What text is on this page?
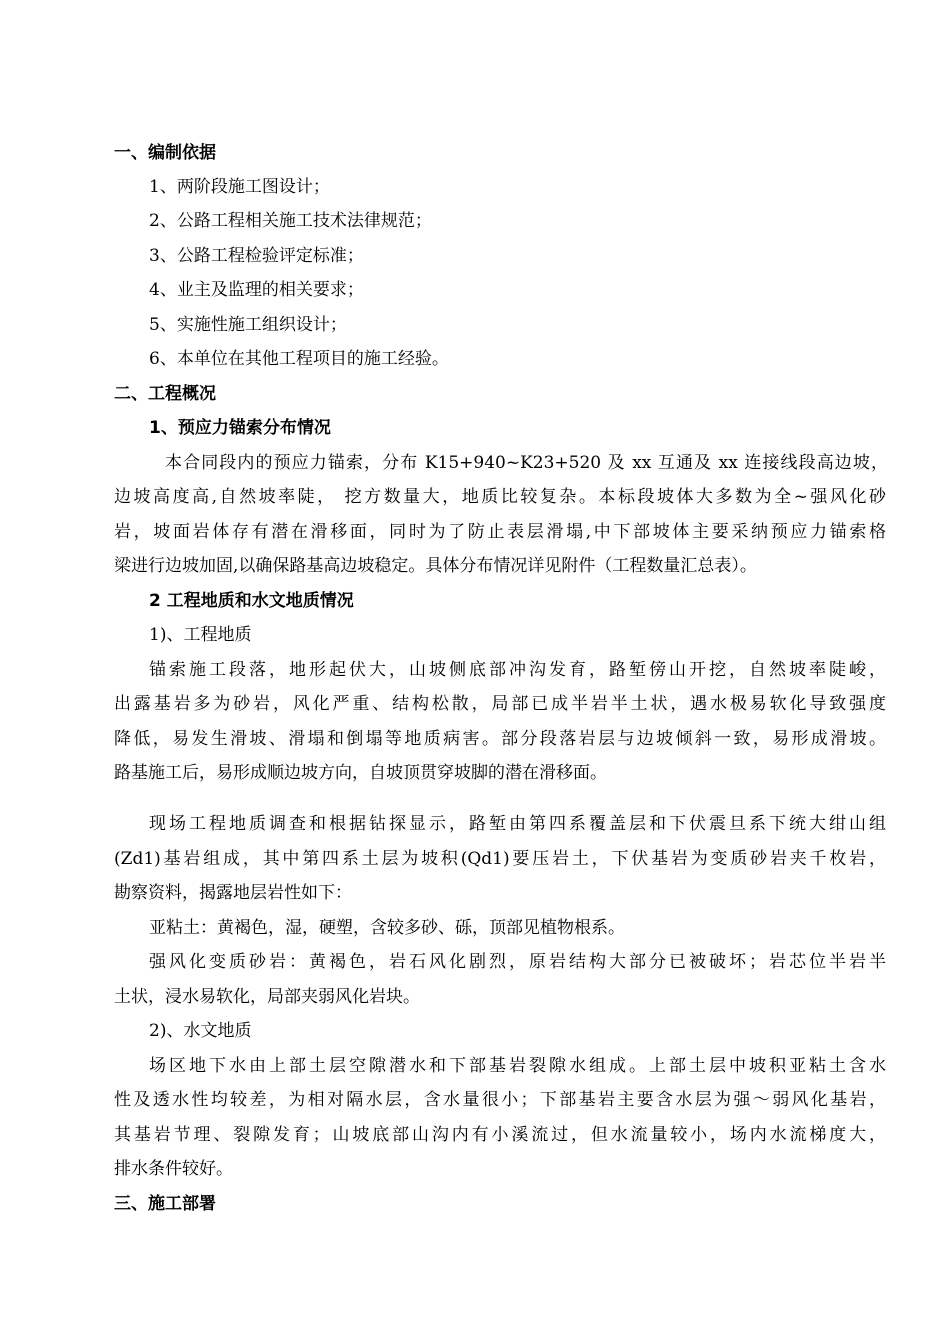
一、编制依据

1、两阶段施工图设计；

2、公路工程相关施工技术法律规范；

3、公路工程检验评定标准；

4、业主及监理的相关要求；

5、实施性施工组织设计；

6、本单位在其他工程项目的施工经验。

二、工程概况

1、预应力锚索分布情况

本合同段内的预应力锚索，分布 K15+940~K23+520 及 xx 互通及 xx 连接线段高边坡，

边坡高度高,自然坡率陡， 挖方数量大，地质比较复杂。本标段坡体大多数为全~强风化砂

岩，坡面岩体存有潜在滑移面，同时为了防止表层滑塌,中下部坡体主要采纳预应力锚索格

梁进行边坡加固,以确保路基高边坡稳定。具体分布情况详见附件（工程数量汇总表）。

2 工程地质和水文地质情况

1)、工程地质

锚索施工段落，地形起伏大，山坡侧底部冲沟发育，路堑傍山开挖，自然坡率陡峻，

出露基岩多为砂岩，风化严重、结构松散，局部已成半岩半土状，遇水极易软化导致强度

降低，易发生滑坡、滑塌和倒塌等地质病害。部分段落岩层与边坡倾斜一致，易形成滑坡。

路基施工后，易形成顺边坡方向，自坡顶贯穿坡脚的潜在滑移面。

现场工程地质调查和根据钻探显示，路堑由第四系覆盖层和下伏震旦系下统大绀山组

(Zd1)基岩组成，其中第四系土层为坡积(Qd1)要压岩土，下伏基岩为变质砂岩夹千枚岩，

勘察资料，揭露地层岩性如下：

亚粘土：黄褐色，湿，硬塑，含较多砂、砾，顶部见植物根系。

强风化变质砂岩：黄褐色，岩石风化剧烈，原岩结构大部分已被破坏；岩芯位半岩半

土状，浸水易软化，局部夹弱风化岩块。

2)、水文地质

场区地下水由上部土层空隙潜水和下部基岩裂隙水组成。上部土层中坡积亚粘土含水

性及透水性均较差，为相对隔水层，含水量很小；下部基岩主要含水层为强～弱风化基岩，

其基岩节理、裂隙发育；山坡底部山沟内有小溪流过，但水流量较小，场内水流梯度大，

排水条件较好。

三、施工部署
